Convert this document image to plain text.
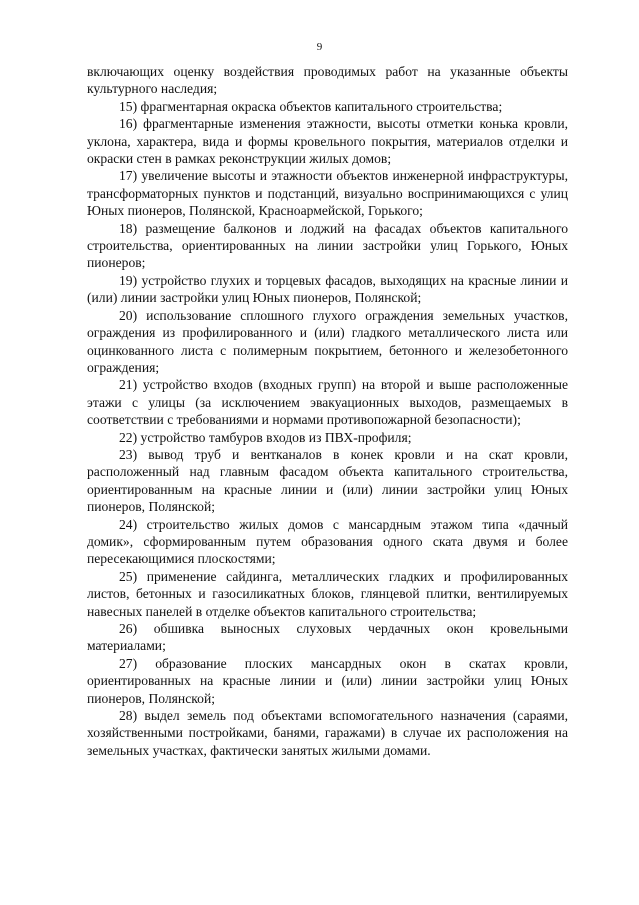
9

включающих оценку воздействия проводимых работ на указанные объекты культурного наследия;

15) фрагментарная окраска объектов капитального строительства;

16) фрагментарные изменения этажности, высоты отметки конька кровли, уклона, характера, вида и формы кровельного покрытия, материалов отделки и окраски стен в рамках реконструкции жилых домов;

17) увеличение высоты и этажности объектов инженерной инфраструктуры, трансформаторных пунктов и подстанций, визуально воспринимающихся с улиц Юных пионеров, Полянской, Красноармейской, Горького;

18) размещение балконов и лоджий на фасадах объектов капитального строительства, ориентированных на линии застройки улиц Горького, Юных пионеров;

19) устройство глухих и торцевых фасадов, выходящих на красные линии и (или) линии застройки улиц Юных пионеров, Полянской;

20) использование сплошного глухого ограждения земельных участков, ограждения из профилированного и (или) гладкого металлического листа или оцинкованного листа с полимерным покрытием, бетонного и железобетонного ограждения;

21) устройство входов (входных групп) на второй и выше расположенные этажи с улицы (за исключением эвакуационных выходов, размещаемых в соответствии с требованиями и нормами противопожарной безопасности);

22) устройство тамбуров входов из ПВХ-профиля;

23) вывод труб и вентканалов в конек кровли и на скат кровли, расположенный над главным фасадом объекта капитального строительства, ориентированным на красные линии и (или) линии застройки улиц Юных пионеров, Полянской;

24) строительство жилых домов с мансардным этажом типа «дачный домик», сформированным путем образования одного ската двумя и более пересекающимися плоскостями;

25) применение сайдинга, металлических гладких и профилированных листов, бетонных и газосиликатных блоков, глянцевой плитки, вентилируемых навесных панелей в отделке объектов капитального строительства;

26) обшивка выносных слуховых чердачных окон кровельными материалами;

27) образование плоских мансардных окон в скатах кровли, ориентированных на красные линии и (или) линии застройки улиц Юных пионеров, Полянской;

28) выдел земель под объектами вспомогательного назначения (сараями, хозяйственными постройками, банями, гаражами) в случае их расположения на земельных участках, фактически занятых жилыми домами.
